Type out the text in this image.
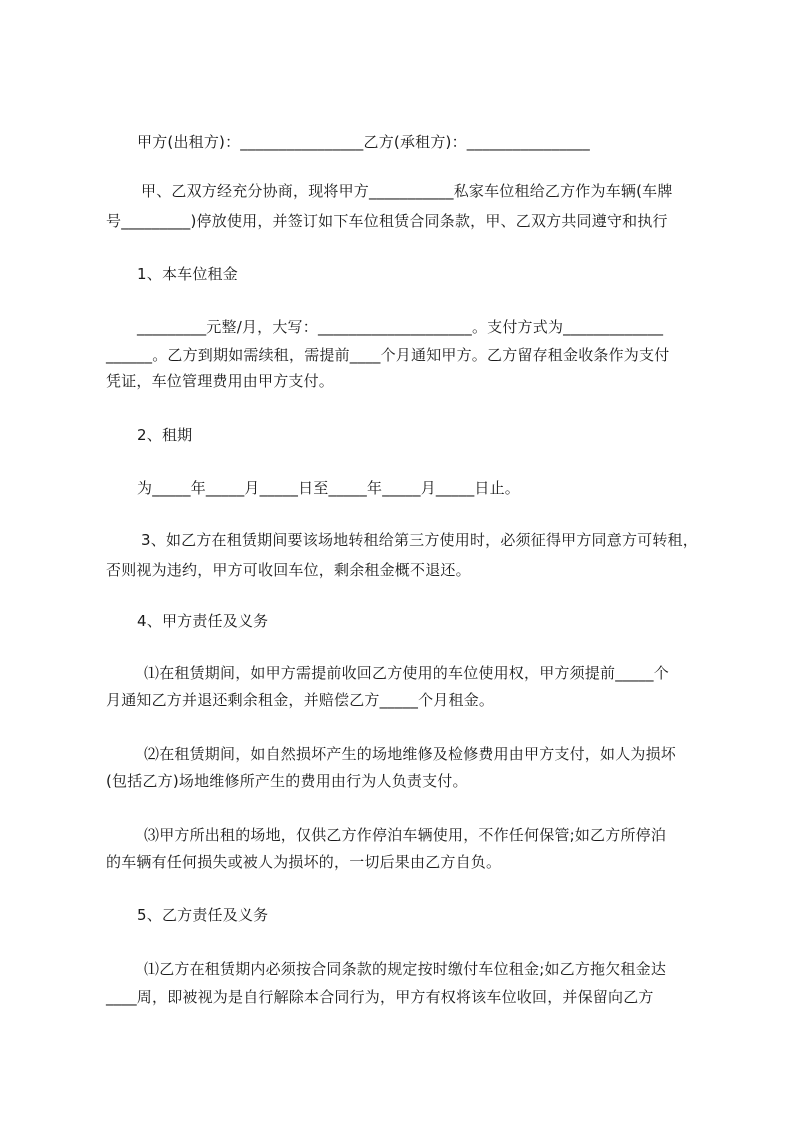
甲方(出租方)：________________乙方(承租方)：________________
甲、乙双方经充分协商，现将甲方___________私家车位租给乙方作为车辆(车牌
号_________)停放使用，并签订如下车位租赁合同条款，甲、乙双方共同遵守和执行
1、本车位租金
_________元整/月，大写：____________________。支付方式为_____________
______。乙方到期如需续租，需提前____个月通知甲方。乙方留存租金收条作为支付
凭证，车位管理费用由甲方支付。
2、租期
为_____年_____月_____日至_____年_____月_____日止。
3、如乙方在租赁期间要该场地转租给第三方使用时，必须征得甲方同意方可转租，
否则视为违约，甲方可收回车位，剩余租金概不退还。
4、甲方责任及义务
⑴在租赁期间，如甲方需提前收回乙方使用的车位使用权，甲方须提前_____个
月通知乙方并退还剩余租金，并赔偿乙方_____个月租金。
⑵在租赁期间，如自然损坏产生的场地维修及检修费用由甲方支付，如人为损坏
(包括乙方)场地维修所产生的费用由行为人负责支付。
⑶甲方所出租的场地，仅供乙方作停泊车辆使用，不作任何保管;如乙方所停泊
的车辆有任何损失或被人为损坏的，一切后果由乙方自负。
5、乙方责任及义务
⑴乙方在租赁期内必须按合同条款的规定按时缴付车位租金;如乙方拖欠租金达
____周，即被视为是自行解除本合同行为，甲方有权将该车位收回，并保留向乙方
